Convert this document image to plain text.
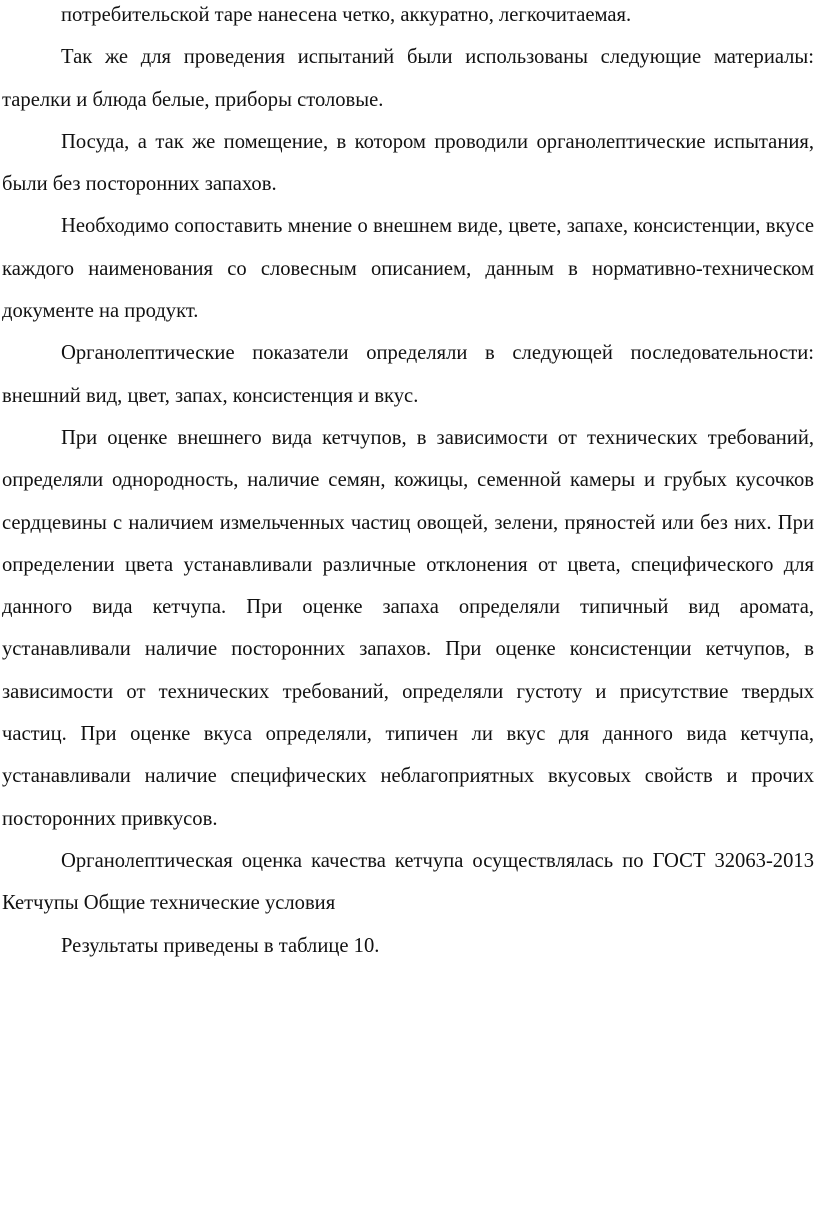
потребительской таре нанесена четко, аккуратно, легкочитаемая.

Так же для проведения испытаний были использованы следующие материалы: тарелки и блюда белые, приборы столовые.

Посуда, а так же помещение, в котором проводили органолептические испытания, были без посторонних запахов.

Необходимо сопоставить мнение о внешнем виде, цвете, запахе, консистенции, вкусе каждого наименования со словесным описанием, данным в нормативно-техническом документе на продукт.

Органолептические показатели определяли в следующей последовательности: внешний вид, цвет, запах, консистенция и вкус.

При оценке внешнего вида кетчупов, в зависимости от технических требований, определяли однородность, наличие семян, кожицы, семенной камеры и грубых кусочков сердцевины с наличием измельченных частиц овощей, зелени, пряностей или без них. При определении цвета устанавливали различные отклонения от цвета, специфического для данного вида кетчупа. При оценке запаха определяли типичный вид аромата, устанавливали наличие посторонних запахов. При оценке консистенции кетчупов, в зависимости от технических требований, определяли густоту и присутствие твердых частиц. При оценке вкуса определяли, типичен ли вкус для данного вида кетчупа, устанавливали наличие специфических неблагоприятных вкусовых свойств и прочих посторонних привкусов.

Органолептическая оценка качества кетчупа осуществлялась по ГОСТ 32063-2013 Кетчупы Общие технические условия

Результаты приведены в таблице 10.
